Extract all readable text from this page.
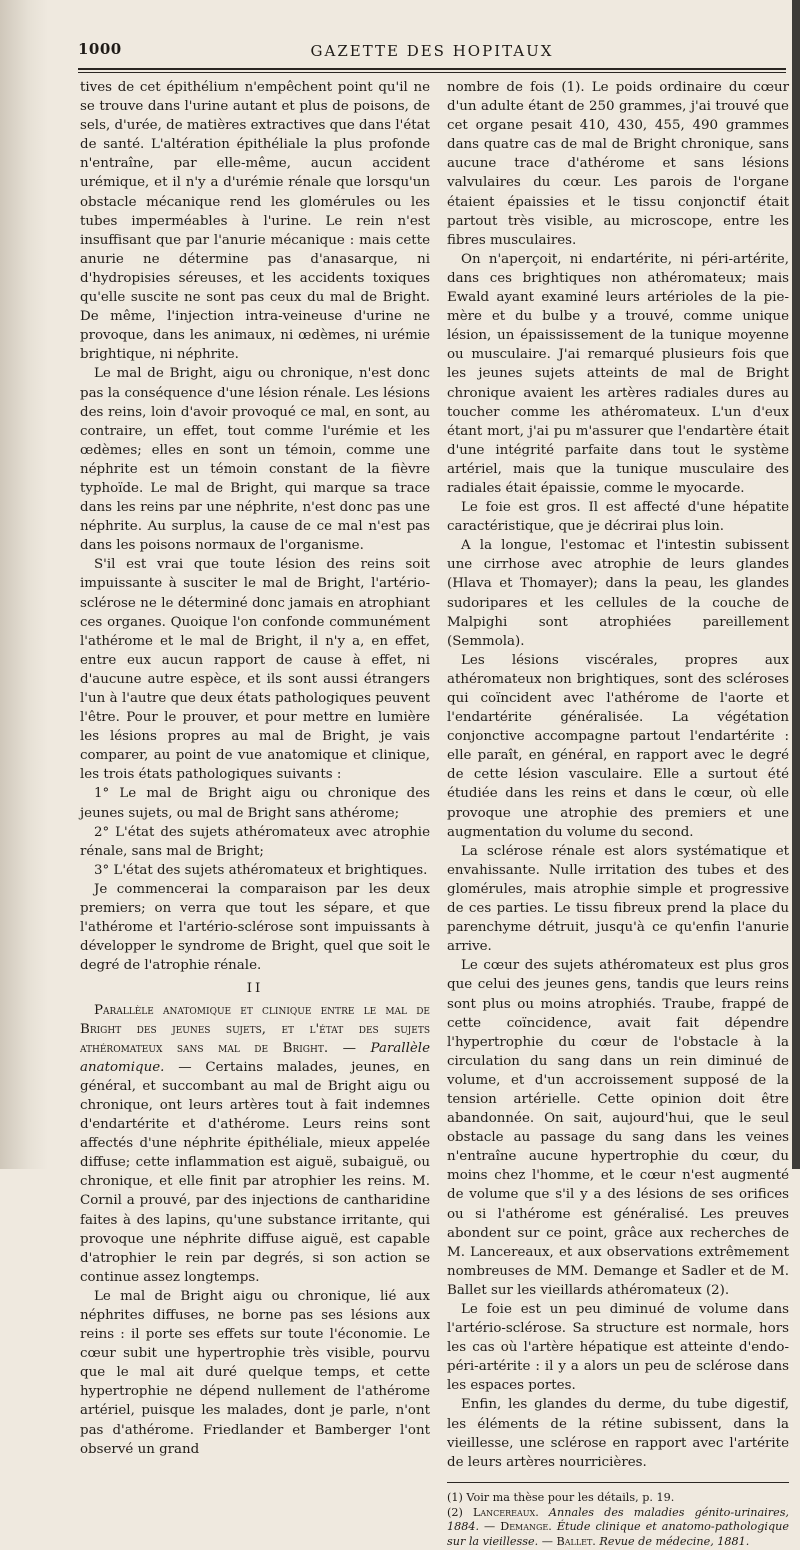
1000	GAZETTE DES HOPITAUX

tives de cet épithélium n'empêchent point qu'il ne se trouve dans l'urine autant et plus de poisons, de sels, d'urée, de matières extractives que dans l'état de santé. L'altération épithéliale la plus profonde n'entraîne, par elle-même, aucun accident urémique, et il n'y a d'urémie rénale que lorsqu'un obstacle mécanique rend les glomérules ou les tubes imperméables à l'urine. Le rein n'est insuffisant que par l'anurie mécanique : mais cette anurie ne détermine pas d'anasarque, ni d'hydropisies séreuses, et les accidents toxiques qu'elle suscite ne sont pas ceux du mal de Bright. De même, l'injection intra-veineuse d'urine ne provoque, dans les animaux, ni œdèmes, ni urémie brightique, ni néphrite.

Le mal de Bright, aigu ou chronique, n'est donc pas la conséquence d'une lésion rénale. Les lésions des reins, loin d'avoir provoqué ce mal, en sont, au contraire, un effet, tout comme l'urémie et les œdèmes; elles en sont un témoin, comme une néphrite est un témoin constant de la fièvre typhoïde. Le mal de Bright, qui marque sa trace dans les reins par une néphrite, n'est donc pas une néphrite. Au surplus, la cause de ce mal n'est pas dans les poisons normaux de l'organisme.

S'il est vrai que toute lésion des reins soit impuissante à susciter le mal de Bright, l'artério-sclérose ne le déterminé donc jamais en atrophiant ces organes. Quoique l'on confonde communément l'athérome et le mal de Bright, il n'y a, en effet, entre eux aucun rapport de cause à effet, ni d'aucune autre espèce, et ils sont aussi étrangers l'un à l'autre que deux états pathologiques peuvent l'être. Pour le prouver, et pour mettre en lumière les lésions propres au mal de Bright, je vais comparer, au point de vue anatomique et clinique, les trois états pathologiques suivants :

1° Le mal de Bright aigu ou chronique des jeunes sujets, ou mal de Bright sans athérome;

2° L'état des sujets athéromateux avec atrophie rénale, sans mal de Bright;

3° L'état des sujets athéromateux et brightiques.

Je commencerai la comparaison par les deux premiers; on verra que tout les sépare, et que l'athérome et l'artério-sclérose sont impuissants à développer le syndrome de Bright, quel que soit le degré de l'atrophie rénale.

II

Parallèle anatomique et clinique entre le mal de Bright des jeunes sujets, et l'état des sujets athéromateux sans mal de Bright. — Parallèle anatomique. — Certains malades, jeunes, en général, et succombant au mal de Bright aigu ou chronique, ont leurs artères tout à fait indemnes d'endartérite et d'athérome. Leurs reins sont affectés d'une néphrite épithéliale, mieux appelée diffuse; cette inflammation est aiguë, subaiguë, ou chronique, et elle finit par atrophier les reins. M. Cornil a prouvé, par des injections de cantharidine faites à des lapins, qu'une substance irritante, qui provoque une néphrite diffuse aiguë, est capable d'atrophier le rein par degrés, si son action se continue assez longtemps.

Le mal de Bright aigu ou chronique, lié aux néphrites diffuses, ne borne pas ses lésions aux reins : il porte ses effets sur toute l'économie. Le cœur subit une hypertrophie très visible, pourvu que le mal ait duré quelque temps, et cette hypertrophie ne dépend nullement de l'athérome artériel, puisque les malades, dont je parle, n'ont pas d'athérome. Friedlander et Bamberger l'ont observé un grand

nombre de fois (1). Le poids ordinaire du cœur d'un adulte étant de 250 grammes, j'ai trouvé que cet organe pesait 410, 430, 455, 490 grammes dans quatre cas de mal de Bright chronique, sans aucune trace d'athérome et sans lésions valvulaires du cœur. Les parois de l'organe étaient épaissies et le tissu conjonctif était partout très visible, au microscope, entre les fibres musculaires.

On n'aperçoit, ni endartérite, ni péri-artérite, dans ces brightiques non athéromateux; mais Ewald ayant examiné leurs artérioles de la pie-mère et du bulbe y a trouvé, comme unique lésion, un épaississement de la tunique moyenne ou musculaire. J'ai remarqué plusieurs fois que les jeunes sujets atteints de mal de Bright chronique avaient les artères radiales dures au toucher comme les athéromateux. L'un d'eux étant mort, j'ai pu m'assurer que l'endartère était d'une intégrité parfaite dans tout le système artériel, mais que la tunique musculaire des radiales était épaissie, comme le myocarde.

Le foie est gros. Il est affecté d'une hépatite caractéristique, que je décrirai plus loin.

A la longue, l'estomac et l'intestin subissent une cirrhose avec atrophie de leurs glandes (Hlava et Thomayer); dans la peau, les glandes sudoripares et les cellules de la couche de Malpighi sont atrophiées pareillement (Semmola).

Les lésions viscérales, propres aux athéromateux non brightiques, sont des scléroses qui coïncident avec l'athérome de l'aorte et l'endartérite généralisée. La végétation conjonctive accompagne partout l'endartérite : elle paraît, en général, en rapport avec le degré de cette lésion vasculaire. Elle a surtout été étudiée dans les reins et dans le cœur, où elle provoque une atrophie des premiers et une augmentation du volume du second.

La sclérose rénale est alors systématique et envahissante. Nulle irritation des tubes et des glomérules, mais atrophie simple et progressive de ces parties. Le tissu fibreux prend la place du parenchyme détruit, jusqu'à ce qu'enfin l'anurie arrive.

Le cœur des sujets athéromateux est plus gros que celui des jeunes gens, tandis que leurs reins sont plus ou moins atrophiés. Traube, frappé de cette coïncidence, avait fait dépendre l'hypertrophie du cœur de l'obstacle à la circulation du sang dans un rein diminué de volume, et d'un accroissement supposé de la tension artérielle. Cette opinion doit être abandonnée. On sait, aujourd'hui, que le seul obstacle au passage du sang dans les veines n'entraîne aucune hypertrophie du cœur, du moins chez l'homme, et le cœur n'est augmenté de volume que s'il y a des lésions de ses orifices ou si l'athérome est généralisé. Les preuves abondent sur ce point, grâce aux recherches de M. Lancereaux, et aux observations extrêmement nombreuses de MM. Demange et Sadler et de M. Ballet sur les vieillards athéromateux (2).

Le foie est un peu diminué de volume dans l'artério-sclérose. Sa structure est normale, hors les cas où l'artère hépatique est atteinte d'endo-péri-artérite : il y a alors un peu de sclérose dans les espaces portes.

Enfin, les glandes du derme, du tube digestif, les éléments de la rétine subissent, dans la vieillesse, une sclérose en rapport avec l'artérite de leurs artères nourricières.

(1) Voir ma thèse pour les détails, p. 19.

(2) Lancereaux. Annales des maladies génito-urinaires, 1884. — Demange. Étude clinique et anatomo-pathologique sur la vieillesse. — Ballet. Revue de médecine, 1881.
